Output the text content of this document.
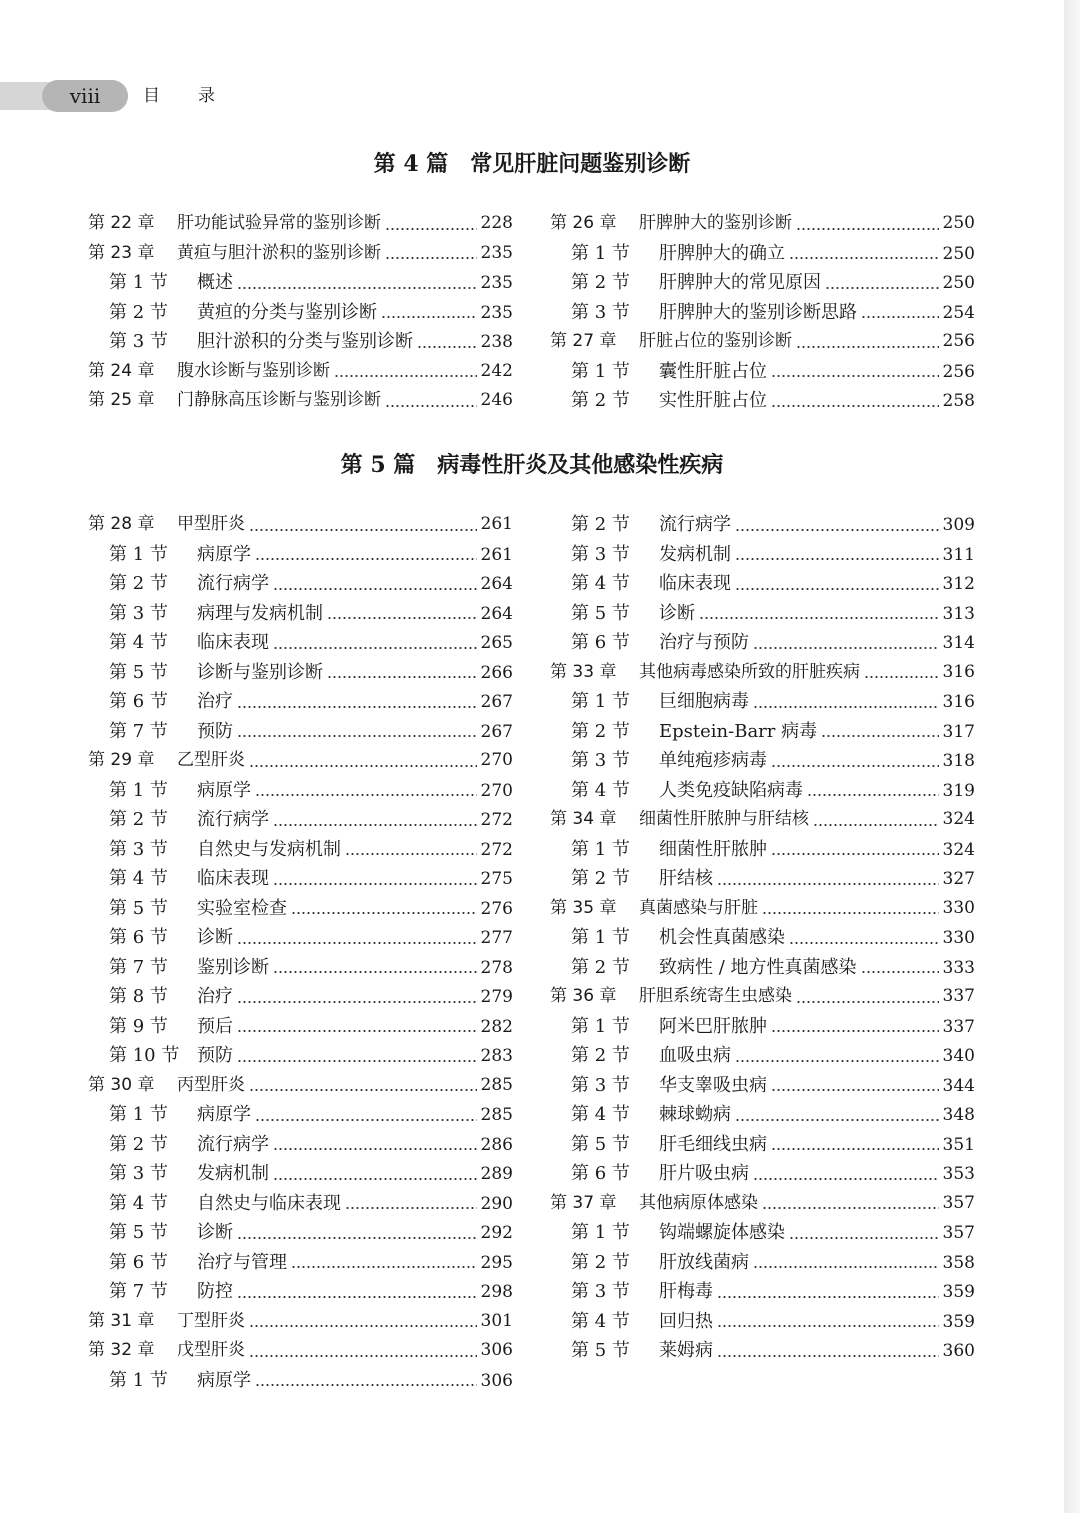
viii	目录
第 4 篇　常见肝脏问题鉴别诊断
第 22 章	肝功能试验异常的鉴别诊断	228
第 23 章	黄疸与胆汁淤积的鉴别诊断	235
第 1 节	概述	235
第 2 节	黄疸的分类与鉴别诊断	235
第 3 节	胆汁淤积的分类与鉴别诊断	238
第 24 章	腹水诊断与鉴别诊断	242
第 25 章	门静脉高压诊断与鉴别诊断	246
第 26 章	肝脾肿大的鉴别诊断	250
第 1 节	肝脾肿大的确立	250
第 2 节	肝脾肿大的常见原因	250
第 3 节	肝脾肿大的鉴别诊断思路	254
第 27 章	肝脏占位的鉴别诊断	256
第 1 节	囊性肝脏占位	256
第 2 节	实性肝脏占位	258
第 5 篇　病毒性肝炎及其他感染性疾病
第 28 章	甲型肝炎	261
第 1 节	病原学	261
第 2 节	流行病学	264
第 3 节	病理与发病机制	264
第 4 节	临床表现	265
第 5 节	诊断与鉴别诊断	266
第 6 节	治疗	267
第 7 节	预防	267
第 29 章	乙型肝炎	270
第 1 节	病原学	270
第 2 节	流行病学	272
第 3 节	自然史与发病机制	272
第 4 节	临床表现	275
第 5 节	实验室检查	276
第 6 节	诊断	277
第 7 节	鉴别诊断	278
第 8 节	治疗	279
第 9 节	预后	282
第 10 节 预防	283
第 30 章	丙型肝炎	285
第 1 节	病原学	285
第 2 节	流行病学	286
第 3 节	发病机制	289
第 4 节	自然史与临床表现	290
第 5 节	诊断	292
第 6 节	治疗与管理	295
第 7 节	防控	298
第 31 章	丁型肝炎	301
第 32 章	戊型肝炎	306
第 1 节	病原学	306
第 2 节	流行病学	309
第 3 节	发病机制	311
第 4 节	临床表现	312
第 5 节	诊断	313
第 6 节	治疗与预防	314
第 33 章	其他病毒感染所致的肝脏疾病	316
第 1 节	巨细胞病毒	316
第 2 节	Epstein-Barr 病毒	317
第 3 节	单纯疱疹病毒	318
第 4 节	人类免疫缺陷病毒	319
第 34 章	细菌性肝脓肿与肝结核	324
第 1 节	细菌性肝脓肿	324
第 2 节	肝结核	327
第 35 章	真菌感染与肝脏	330
第 1 节	机会性真菌感染	330
第 2 节	致病性 / 地方性真菌感染	333
第 36 章	肝胆系统寄生虫感染	337
第 1 节	阿米巴肝脓肿	337
第 2 节	血吸虫病	340
第 3 节	华支睾吸虫病	344
第 4 节	棘球蚴病	348
第 5 节	肝毛细线虫病	351
第 6 节	肝片吸虫病	353
第 37 章	其他病原体感染	357
第 1 节	钩端螺旋体感染	357
第 2 节	肝放线菌病	358
第 3 节	肝梅毒	359
第 4 节	回归热	359
第 5 节	莱姆病	360
